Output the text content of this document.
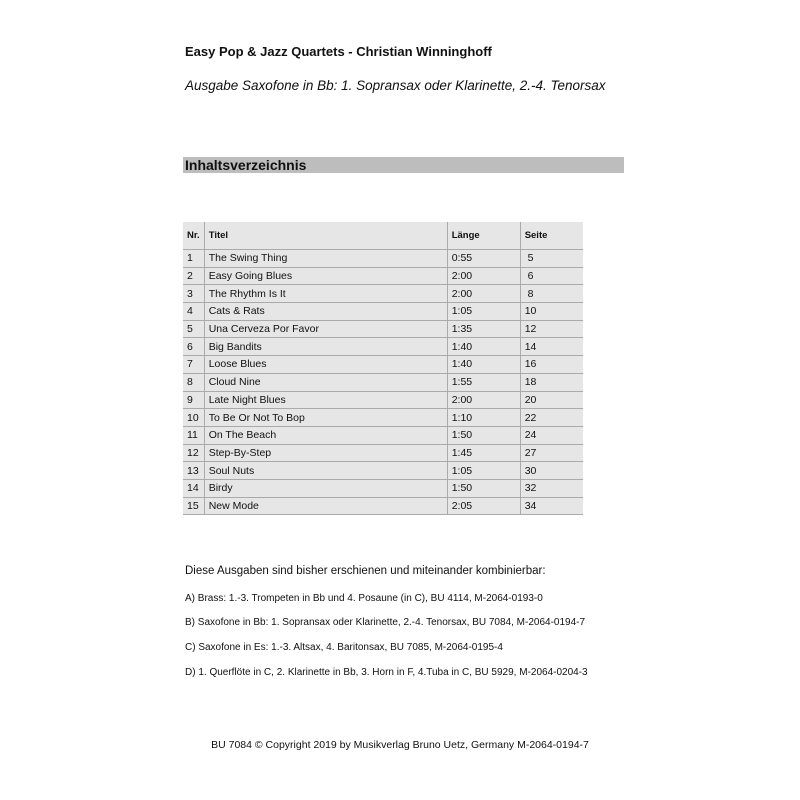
Easy Pop & Jazz Quartets - Christian Winninghoff
Ausgabe Saxofone in Bb: 1. Sopransax oder Klarinette, 2.-4. Tenorsax
Inhaltsverzeichnis
Nr.	Titel	Länge	Seite
1	The Swing Thing	0:55	5
2	Easy Going Blues	2:00	6
3	The Rhythm Is It	2:00	8
4	Cats & Rats	1:05	10
5	Una Cerveza Por Favor	1:35	12
6	Big Bandits	1:40	14
7	Loose Blues	1:40	16
8	Cloud Nine	1:55	18
9	Late Night Blues	2:00	20
10	To Be Or Not To Bop	1:10	22
11	On The Beach	1:50	24
12	Step-By-Step	1:45	27
13	Soul Nuts	1:05	30
14	Birdy	1:50	32
15	New Mode	2:05	34
Diese Ausgaben sind bisher erschienen und miteinander kombinierbar:
A) Brass: 1.-3. Trompeten in Bb und 4. Posaune (in C), BU 4114, M-2064-0193-0
B) Saxofone in Bb: 1. Sopransax oder Klarinette, 2.-4. Tenorsax, BU 7084, M-2064-0194-7
C) Saxofone in Es: 1.-3. Altsax, 4. Baritonsax, BU 7085, M-2064-0195-4
D) 1. Querflöte in C, 2. Klarinette in Bb, 3. Horn in F, 4.Tuba in C, BU 5929, M-2064-0204-3
BU 7084 © Copyright 2019 by Musikverlag Bruno Uetz, Germany M-2064-0194-7
